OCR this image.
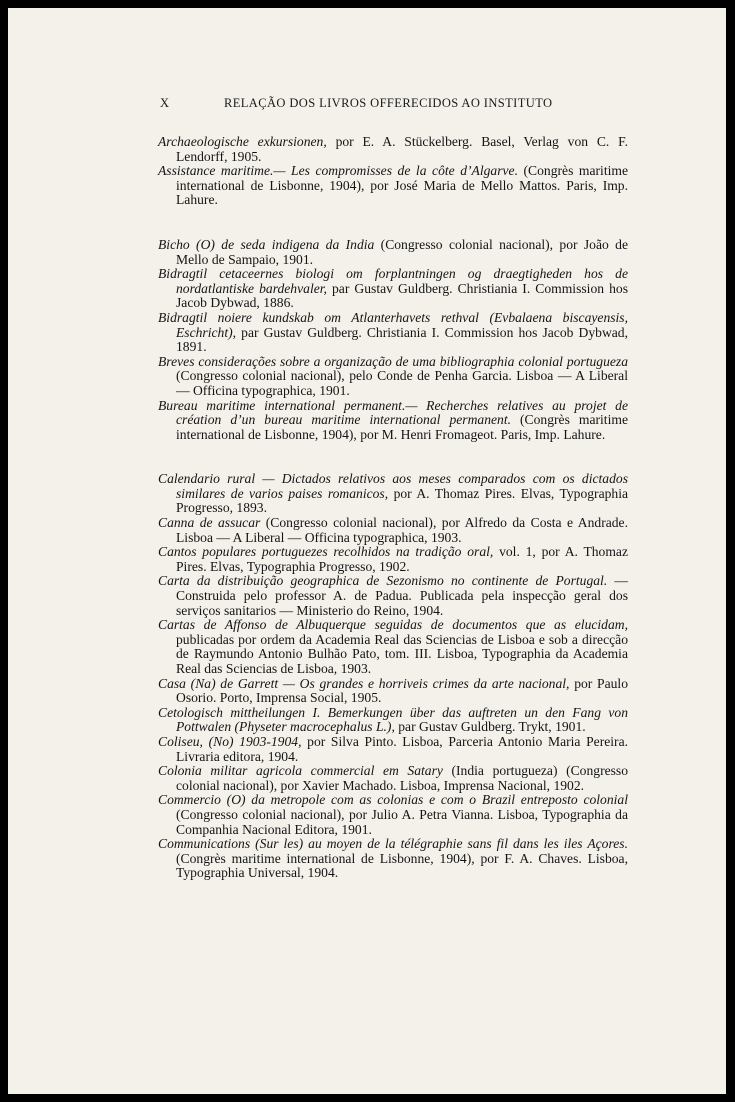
X	RELAÇÃO DOS LIVROS OFFERECIDOS AO INSTITUTO
Archaeologische exkursionen, por E. A. Stückelberg. Basel, Verlag von C. F. Lendorff, 1905.
Assistance maritime.— Les compromisses de la côte d’Algarve. (Congrès maritime international de Lisbonne, 1904), por José Maria de Mello Mattos. Paris, Imp. Lahure.
Bicho (O) de seda indigena da India (Congresso colonial nacional), por João de Mello de Sampaio, 1901.
Bidragtil cetaceernes biologi om forplantningen og draegtigheden hos de nordatlantiske bardehvaler, par Gustav Guldberg. Christiania I. Commission hos Jacob Dybwad, 1886.
Bidragtil noiere kundskab om Atlanterhavets rethval (Evbalaena biscayensis, Eschricht), par Gustav Guldberg. Christiania I. Commission hos Jacob Dybwad, 1891.
Breves considerações sobre a organização de uma bibliographia colonial portugueza (Congresso colonial nacional), pelo Conde de Penha Garcia. Lisboa — A Liberal — Officina typographica, 1901.
Bureau maritime international permanent.— Recherches relatives au projet de création d’un bureau maritime international permanent. (Congrès maritime international de Lisbonne, 1904), por M. Henri Fromageot. Paris, Imp. Lahure.
Calendario rural — Dictados relativos aos meses comparados com os dictados similares de varios paises romanicos, por A. Thomaz Pires. Elvas, Typographia Progresso, 1893.
Canna de assucar (Congresso colonial nacional), por Alfredo da Costa e Andrade. Lisboa — A Liberal — Officina typographica, 1903.
Cantos populares portuguezes recolhidos na tradição oral, vol. 1, por A. Thomaz Pires. Elvas, Typographia Progresso, 1902.
Carta da distribuição geographica de Sezonismo no continente de Portugal. — Construida pelo professor A. de Padua. Publicada pela inspecção geral dos serviços sanitarios — Ministerio do Reino, 1904.
Cartas de Affonso de Albuquerque seguidas de documentos que as elucidam, publicadas por ordem da Academia Real das Sciencias de Lisboa e sob a direcção de Raymundo Antonio Bulhão Pato, tom. III. Lisboa, Typographia da Academia Real das Sciencias de Lisboa, 1903.
Casa (Na) de Garrett — Os grandes e horriveis crimes da arte nacional, por Paulo Osorio. Porto, Imprensa Social, 1905.
Cetologisch mittheilungen I. Bemerkungen über das auftreten un den Fang von Pottwalen (Physeter macrocephalus L.), par Gustav Guldberg. Trykt, 1901.
Coliseu, (No) 1903-1904, por Silva Pinto. Lisboa, Parceria Antonio Maria Pereira. Livraria editora, 1904.
Colonia militar agricola commercial em Satary (India portugueza) (Congresso colonial nacional), por Xavier Machado. Lisboa, Imprensa Nacional, 1902.
Commercio (O) da metropole com as colonias e com o Brazil entreposto colonial (Congresso colonial nacional), por Julio A. Petra Vianna. Lisboa, Typographia da Companhia Nacional Editora, 1901.
Communications (Sur les) au moyen de la télégraphie sans fil dans les iles Açores. (Congrès maritime international de Lisbonne, 1904), por F. A. Chaves. Lisboa, Typographia Universal, 1904.
